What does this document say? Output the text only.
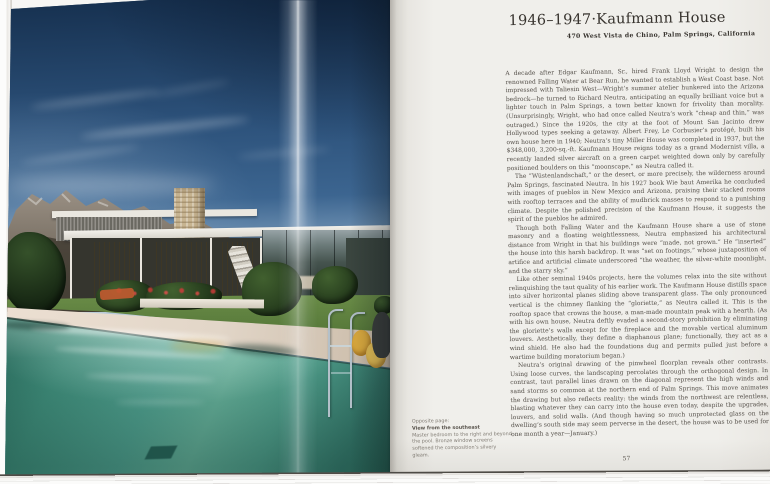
1946–1947·Kaufmann House
470 West Vista de Chino, Palm Springs, California

A decade after Edgar Kaufmann, Sr., hired Frank Lloyd Wright to design the renowned Falling Water at Bear Run, he wanted to establish a West Coast base. Not impressed with Taliesin West—Wright’s summer atelier hunkered into the Arizona bedrock—he turned to Richard Neutra, anticipating an equally brilliant voice but a lighter touch in Palm Springs, a town better known for frivolity than morality. (Unsurprisingly, Wright, who had once called Neutra’s work “cheap and thin,” was outraged.) Since the 1920s, the city at the foot of Mount San Jacinto drew Hollywood types seeking a getaway. Albert Frey, Le Corbusier’s protégé, built his own house here in 1940; Neutra’s tiny Miller House was completed in 1937, but the $348,000, 3,200-sq.-ft. Kaufmann House reigns today as a grand Modernist villa, a recently landed silver aircraft on a green carpet weighted down only by carefully positioned boulders on this “moonscape,” as Neutra called it.

The “Wüstenlandschaft,” or the desert, or more precisely, the wilderness around Palm Springs, fascinated Neutra. In his 1927 book Wie baut Amerika he concluded with images of pueblos in New Mexico and Arizona, praising their stacked rooms with rooftop terraces and the ability of mudbrick masses to respond to a punishing climate. Despite the polished precision of the Kaufmann House, it suggests the spirit of the pueblos he admired.

Though both Falling Water and the Kaufmann House share a use of stone masonry and a floating weightlessness, Neutra emphasized his architectural distance from Wright in that his buildings were “made, not grown.” He “inserted” the house into this harsh backdrop. It was “set on footings,” whose juxtaposition of artifice and artificial climate underscored “the weather, the silver-white moonlight, and the starry sky.”

Like other seminal 1940s projects, here the volumes relax into the site without relinquishing the taut quality of his earlier work. The Kaufmann House distills space into silver horizontal planes sliding above transparent glass. The only pronounced vertical is the chimney flanking the “gloriette,” as Neutra called it. This is the rooftop space that crowns the house, a man-made mountain peak with a hearth. (As with his own house, Neutra deftly evaded a second-story prohibition by eliminating the gloriette’s walls except for the fireplace and the movable vertical aluminum louvers. Aesthetically, they define a diaphanous plane; functionally, they act as a wind shield. He also had the foundations dug and permits pulled just before a wartime building moratorium began.)

Neutra’s original drawing of the pinwheel floorplan reveals other contrasts. Using loose curves, the landscaping percolates through the orthogonal design. In contrast, taut parallel lines drawn on the diagonal represent the high winds and sand storms so common at the northern end of Palm Springs. This move animates the drawing but also reflects reality: the winds from the northwest are relentless, blasting whatever they can carry into the house even today, despite the upgrades, louvers, and solid walls. (And though having so much unprotected glass on the dwelling’s south side may seem perverse in the desert, the house was to be used for one month a year—January.)

Opposite page:
View from the southeast
Master bedroom to the right and beyond the pool. Bronze window screens softened the composition’s silvery gleam.	57
